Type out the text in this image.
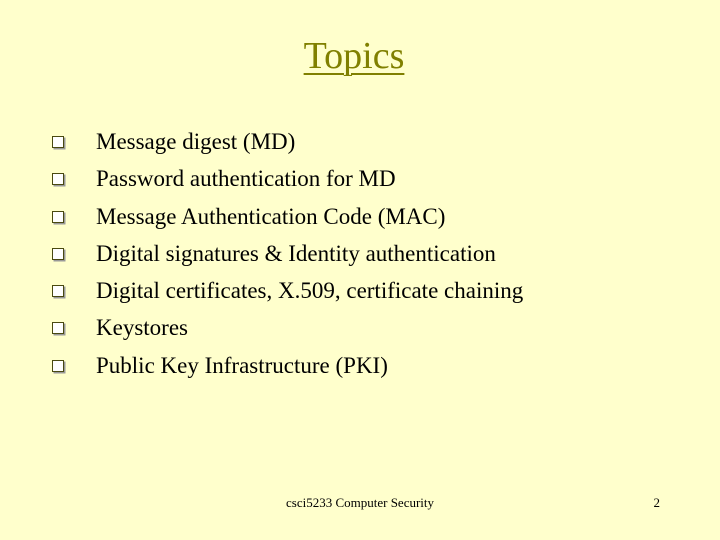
Topics
Message digest (MD)
Password authentication for MD
Message Authentication Code (MAC)
Digital signatures & Identity authentication
Digital certificates, X.509, certificate chaining
Keystores
Public Key Infrastructure (PKI)
csci5233 Computer Security	2
